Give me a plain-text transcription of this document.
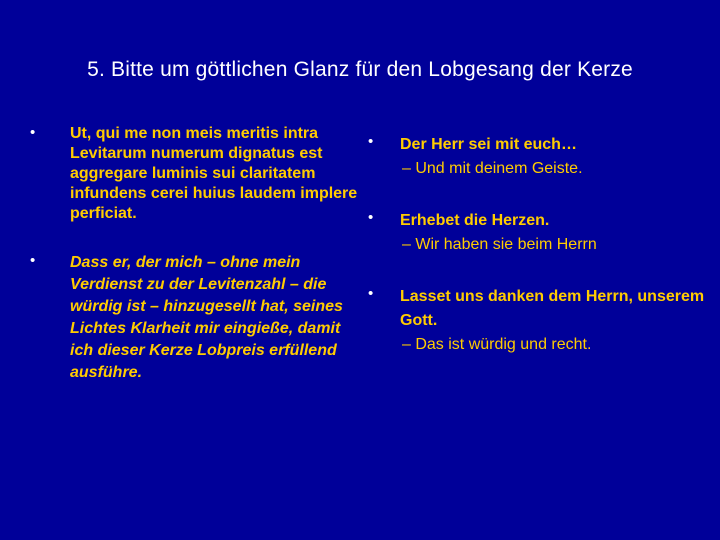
5. Bitte um göttlichen Glanz für den Lobgesang der Kerze
• Ut, qui me non meis meritis intra Levitarum numerum dignatus est aggregare luminis sui claritatem infundens cerei huius laudem implere perficiat.
• Dass er, der mich – ohne mein Verdienst zu der Levitenzahl – die würdig ist – hinzugesellt hat, seines Lichtes Klarheit mir eingieße, damit ich dieser Kerze Lobpreis erfüllend ausführe.
• Der Herr sei mit euch…
– Und mit deinem Geiste.
• Erhebet die Herzen.
– Wir haben sie beim Herrn
• Lasset uns danken dem Herrn, unserem Gott.
– Das ist würdig und recht.
